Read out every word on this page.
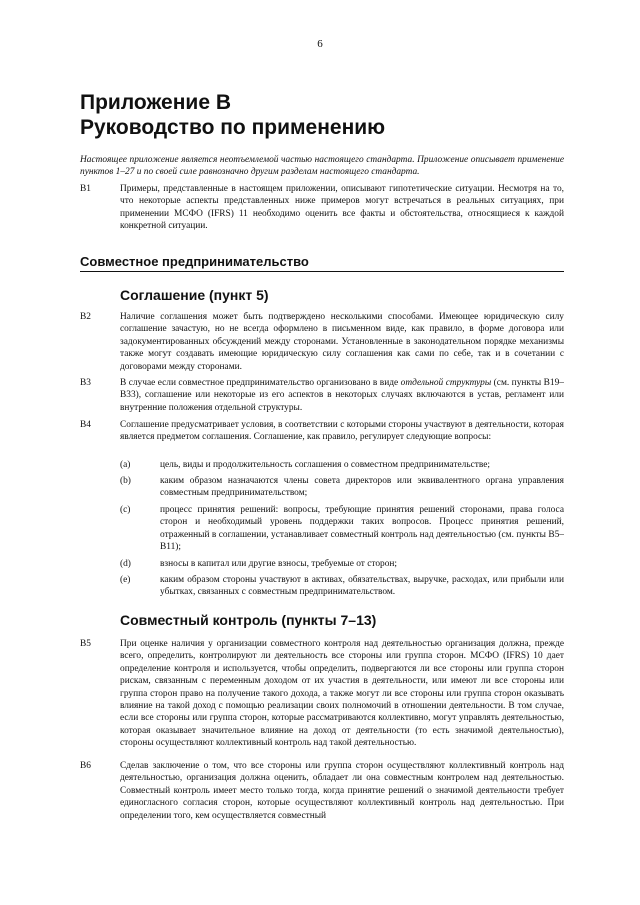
6
Приложение В
Руководство по применению

Настоящее приложение является неотъемлемой частью настоящего стандарта. Приложение описывает применение пунктов 1–27 и по своей силе равнозначно другим разделам настоящего стандарта.

B1	Примеры, представленные в настоящем приложении, описывают гипотетические ситуации. Несмотря на то, что некоторые аспекты представленных ниже примеров могут встречаться в реальных ситуациях, при применении МСФО (IFRS) 11 необходимо оценить все факты и обстоятельства, относящиеся к каждой конкретной ситуации.
Совместное предпринимательство
Соглашение (пункт 5)
B2	Наличие соглашения может быть подтверждено несколькими способами. Имеющее юридическую силу соглашение зачастую, но не всегда оформлено в письменном виде, как правило, в форме договора или задокументированных обсуждений между сторонами. Установленные в законодательном порядке механизмы также могут создавать имеющие юридическую силу соглашения как сами по себе, так и в сочетании с договорами между сторонами.
B3	В случае если совместное предпринимательство организовано в виде отдельной структуры (см. пункты B19–B33), соглашение или некоторые из его аспектов в некоторых случаях включаются в устав, регламент или внутренние положения отдельной структуры.
B4	Соглашение предусматривает условия, в соответствии с которыми стороны участвуют в деятельности, которая является предметом соглашения. Соглашение, как правило, регулирует следующие вопросы:
(a)	цель, виды и продолжительность соглашения о совместном предпринимательстве;
(b)	каким образом назначаются члены совета директоров или эквивалентного органа управления совместным предпринимательством;
(c)	процесс принятия решений: вопросы, требующие принятия решений сторонами, права голоса сторон и необходимый уровень поддержки таких вопросов. Процесс принятия решений, отраженный в соглашении, устанавливает совместный контроль над деятельностью (см. пункты B5–B11);
(d)	взносы в капитал или другие взносы, требуемые от сторон;
(e)	каким образом стороны участвуют в активах, обязательствах, выручке, расходах, или прибыли или убытках, связанных с совместным предпринимательством.
Совместный контроль (пункты 7–13)
B5	При оценке наличия у организации совместного контроля над деятельностью организация должна, прежде всего, определить, контролируют ли деятельность все стороны или группа сторон. МСФО (IFRS) 10 дает определение контроля и используется, чтобы определить, подвергаются ли все стороны или группа сторон рискам, связанным с переменным доходом от их участия в деятельности, или имеют ли все стороны или группа сторон право на получение такого дохода, а также могут ли все стороны или группа сторон оказывать влияние на такой доход с помощью реализации своих полномочий в отношении деятельности. В том случае, если все стороны или группа сторон, которые рассматриваются коллективно, могут управлять деятельностью, которая оказывает значительное влияние на доход от деятельности (то есть значимой деятельностью), стороны осуществляют коллективный контроль над такой деятельностью.
B6	Сделав заключение о том, что все стороны или группа сторон осуществляют коллективный контроль над деятельностью, организация должна оценить, обладает ли она совместным контролем над деятельностью. Совместный контроль имеет место только тогда, когда принятие решений о значимой деятельности требует единогласного согласия сторон, которые осуществляют коллективный контроль над деятельностью. При определении того, кем осуществляется совместный
